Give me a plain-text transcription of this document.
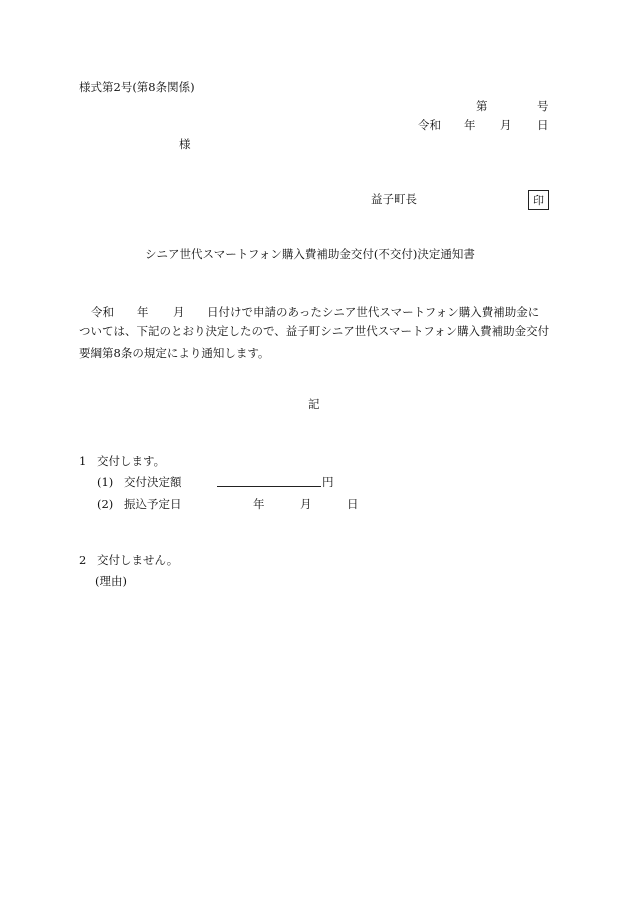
様式第2号(第8条関係)
第	号
令和 年 月 日
様
益子町長	印
シニア世代スマートフォン購入費補助金交付(不交付)決定通知書
令和 年 月 日付けで申請のあったシニア世代スマートフォン購入費補助金に
ついては、下記のとおり決定したので、益子町シニア世代スマートフォン購入費補助金交付要綱第8条の規定により通知します。
記
1 交付します。
(1) 交付決定額	円
(2) 振込予定日	年	月	日
2 交付しません。
(理由)
